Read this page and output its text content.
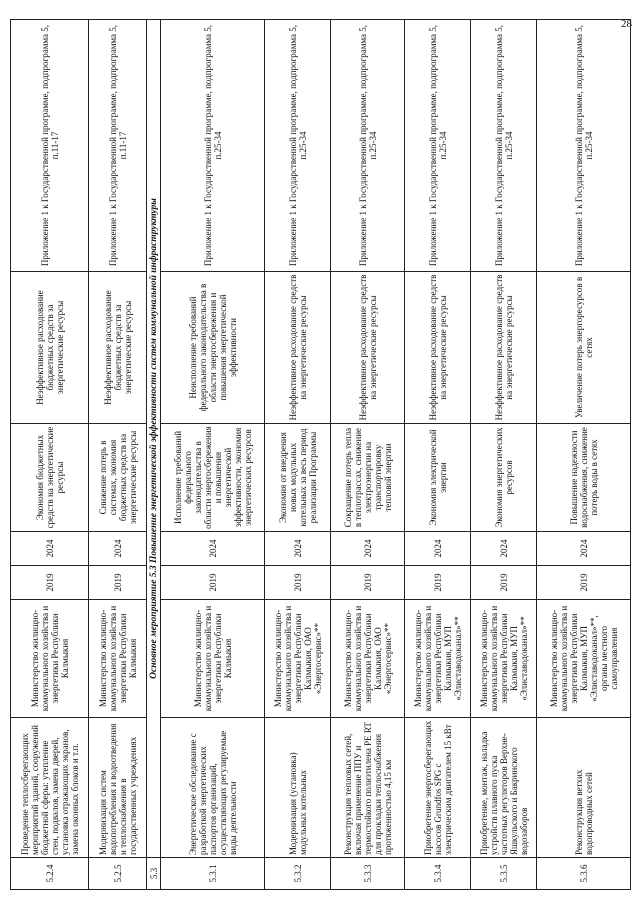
28
5.2.4	Проведение теплосберегающих мероприятий зданий, сооружений бюджетной сферы: утепление стен, подвалов, замена дверей, установка отражающих экранов, замена оконных блоков и т.п.	Министерство жилищно-коммунального хозяйства и энергетики Республики Калмыкия	2019	2024	Экономия бюджетных средств на энергетические ресурсы	Неэффективное расходование бюджетных средств за энергетические ресурсы	Приложение 1 к Государственной программе, подпрограмма 5, п.11-17
5.2.5	Модернизация систем водопотребления и водоотведения и теплоснабжения в государственных учреждениях	Министерство жилищно-коммунального хозяйства и энергетики Республики Калмыкия	2019	2024	Снижение потерь в системах, экономия бюджетных средств на энергетические ресурсы	Неэффективное расходование бюджетных средств за энергетические ресурсы	Приложение 1 к Государственной программе, подпрограмма 5, п.11-17
5.3	Основное мероприятие 5.3 Повышение энергетической эффективности систем коммунальной инфраструктуры						
5.3.1	Энергетическое обследование с разработкой энергетических паспортов организаций, осуществляющих регулируемые виды деятельности	Министерство жилищно-коммунального хозяйства и энергетики Республики Калмыкия	2019	2024	Исполнение требований федерального законодательства в области энергосбережения и повышения энергетической эффективности, экономия энергетических ресурсов	Неисполнение требований федерального законодательства в области энергосбережения и повышения энергетической эффективности	Приложение 1 к Государственной программе, подпрограмма 5, п.25-34
5.3.2	Модернизация (установка) модульных котельных	Министерство жилищно-коммунального хозяйства и энергетики Республики Калмыкия, ОАО «Энергосервис»**	2019	2024	Экономия от внедрения новых модульных котельных за весь период реализации Программы	Неэффективное расходование средств на энергетические ресурсы	Приложение 1 к Государственной программе, подпрограмма 5, п.25-34
5.3.3	Реконструкция тепловых сетей, включая применение ППУ и термостойкого полиэтилена PE RT для прокладки теплоснабжения протяженностью 4,15 км	Министерство жилищно-коммунального хозяйства и энергетики Республики Калмыкия, ОАО «Энергосервис»**	2019	2024	Сокращение потерь тепла в теплотрассах, снижение электроэнергии на транспортировку тепловой энергии	Неэффективное расходование средств на энергетические ресурсы	Приложение 1 к Государственной программе, подпрограмма 5, п.25-34
5.3.4	Приобретение энергосберегающих насосов Grundfos SPG с электрическим двигателем 15 кВт	Министерство жилищно-коммунального хозяйства и энергетики Республики Калмыкия, МУП «Элиставодоканал»**	2019	2024	Экономия электрической энергии	Неэффективное расходование средств на энергетические ресурсы	Приложение 1 к Государственной программе, подпрограмма 5, п.25-34
5.3.5	Приобретение, монтаж, наладка устройств плавного пуска частотных регуляторов Верхне-Яшкульского и Бакринского водозаборов	Министерство жилищно-коммунального хозяйства и энергетики Республики Калмыкия, МУП «Элиставодоканал»**	2019	2024	Экономия энергетических ресурсов	Неэффективное расходование средств на энергетические ресурсы	Приложение 1 к Государственной программе, подпрограмма 5, п.25-34
5.3.6	Реконструкция ветхих водопроводных сетей	Министерство жилищно-коммунального хозяйства и энергетики Республики Калмыкия, МУП «Элиставодоканал»**, органы местного самоуправления	2019	2024	Повышение надежности водоснабжения, снижение потерь воды в сетях	Увеличение потерь энергоресурсов в сетях	Приложение 1 к Государственной программе, подпрограмма 5, п.25-34
